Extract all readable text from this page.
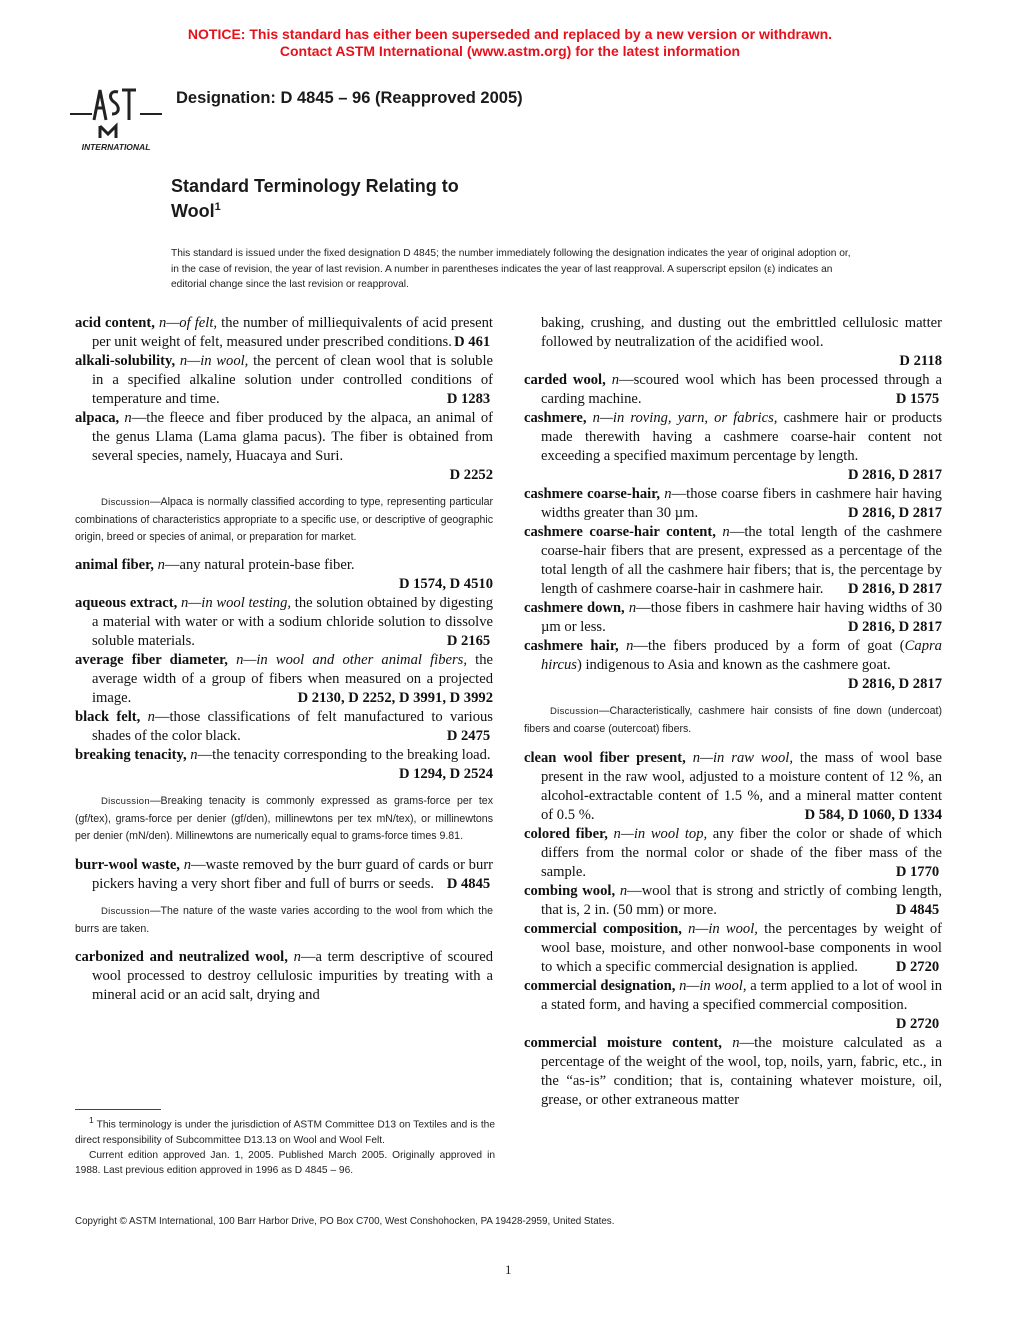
NOTICE: This standard has either been superseded and replaced by a new version or withdrawn.
Contact ASTM International (www.astm.org) for the latest information
INTERNATIONAL
Designation: D 4845 – 96 (Reapproved 2005)
Standard Terminology Relating to
Wool$^1$
This standard is issued under the fixed designation D 4845; the number immediately following the designation indicates the year of original adoption or, in the case of revision, the year of last revision. A number in parentheses indicates the year of last reapproval. A superscript epsilon (ε) indicates an editorial change since the last revision or reapproval.
acid content, n—of felt, the number of milliequivalents of acid present per unit weight of felt, measured under prescribed conditions. D 461
alkali-solubility, n—in wool, the percent of clean wool that is soluble in a specified alkaline solution under controlled conditions of temperature and time.	D 1283
alpaca, n—the fleece and fiber produced by the alpaca, an animal of the genus Llama (Lama glama pacus). The fiber is obtained from several species, namely, Huacaya and Suri.
D 2252
Discussion—Alpaca is normally classified according to type, representing particular combinations of characteristics appropriate to a specific use, or descriptive of geographic origin, breed or species of animal, or preparation for market.
animal fiber, n—any natural protein-base fiber.
D 1574, D 4510
aqueous extract, n—in wool testing, the solution obtained by digesting a material with water or with a sodium chloride solution to dissolve soluble materials.	D 2165
average fiber diameter, n—in wool and other animal fibers, the average width of a group of fibers when measured on a projected image.	D 2130, D 2252, D 3991, D 3992
black felt, n—those classifications of felt manufactured to various shades of the color black.	D 2475
breaking tenacity, n—the tenacity corresponding to the breaking load.
D 1294, D 2524
Discussion—Breaking tenacity is commonly expressed as grams-force per tex (gf/tex), grams-force per denier (gf/den), millinewtons per tex mN/tex), or millinewtons per denier (mN/den). Millinewtons are numerically equal to grams-force times 9.81.
burr-wool waste, n—waste removed by the burr guard of cards or burr pickers having a very short fiber and full of burrs or seeds. D 4845
Discussion—The nature of the waste varies according to the wool from which the burrs are taken.
carbonized and neutralized wool, n—a term descriptive of scoured wool processed to destroy cellulosic impurities by treating with a mineral acid or an acid salt, drying and
baking, crushing, and dusting out the embrittled cellulosic matter followed by neutralization of the acidified wool.
D 2118
carded wool, n—scoured wool which has been processed through a carding machine.	D 1575
cashmere, n—in roving, yarn, or fabrics, cashmere hair or products made therewith having a cashmere coarse-hair content not exceeding a specified maximum percentage by length.
D 2816, D 2817
cashmere coarse-hair, n—those coarse fibers in cashmere hair having widths greater than 30 µm.	D 2816, D 2817
cashmere coarse-hair content, n—the total length of the cashmere coarse-hair fibers that are present, expressed as a percentage of the total length of all the cashmere hair fibers; that is, the percentage by length of cashmere coarse-hair in cashmere hair. D 2816, D 2817
cashmere down, n—those fibers in cashmere hair having widths of 30 µm or less.	D 2816, D 2817
cashmere hair, n—the fibers produced by a form of goat (Capra hircus) indigenous to Asia and known as the cashmere goat.
D 2816, D 2817
Discussion—Characteristically, cashmere hair consists of fine down (undercoat) fibers and coarse (outercoat) fibers.
clean wool fiber present, n—in raw wool, the mass of wool base present in the raw wool, adjusted to a moisture content of 12 %, an alcohol-extractable content of 1.5 %, and a mineral matter content of 0.5 %.	D 584, D 1060, D 1334
colored fiber, n—in wool top, any fiber the color or shade of which differs from the normal color or shade of the fiber mass of the sample.	D 1770
combing wool, n—wool that is strong and strictly of combing length, that is, 2 in. (50 mm) or more.	D 4845
commercial composition, n—in wool, the percentages by weight of wool base, moisture, and other nonwool-base components in wool to which a specific commercial designation is applied.	D 2720
commercial designation, n—in wool, a term applied to a lot of wool in a stated form, and having a specified commercial composition.
D 2720
commercial moisture content, n—the moisture calculated as a percentage of the weight of the wool, top, noils, yarn, fabric, etc., in the “as-is” condition; that is, containing whatever moisture, oil, grease, or other extraneous matter

$^1$ This terminology is under the jurisdiction of ASTM Committee D13 on Textiles and is the direct responsibility of Subcommittee D13.13 on Wool and Wool Felt.

Current edition approved Jan. 1, 2005. Published March 2005. Originally approved in 1988. Last previous edition approved in 1996 as D 4845 – 96.

Copyright © ASTM International, 100 Barr Harbor Drive, PO Box C700, West Conshohocken, PA 19428-2959, United States.
1
